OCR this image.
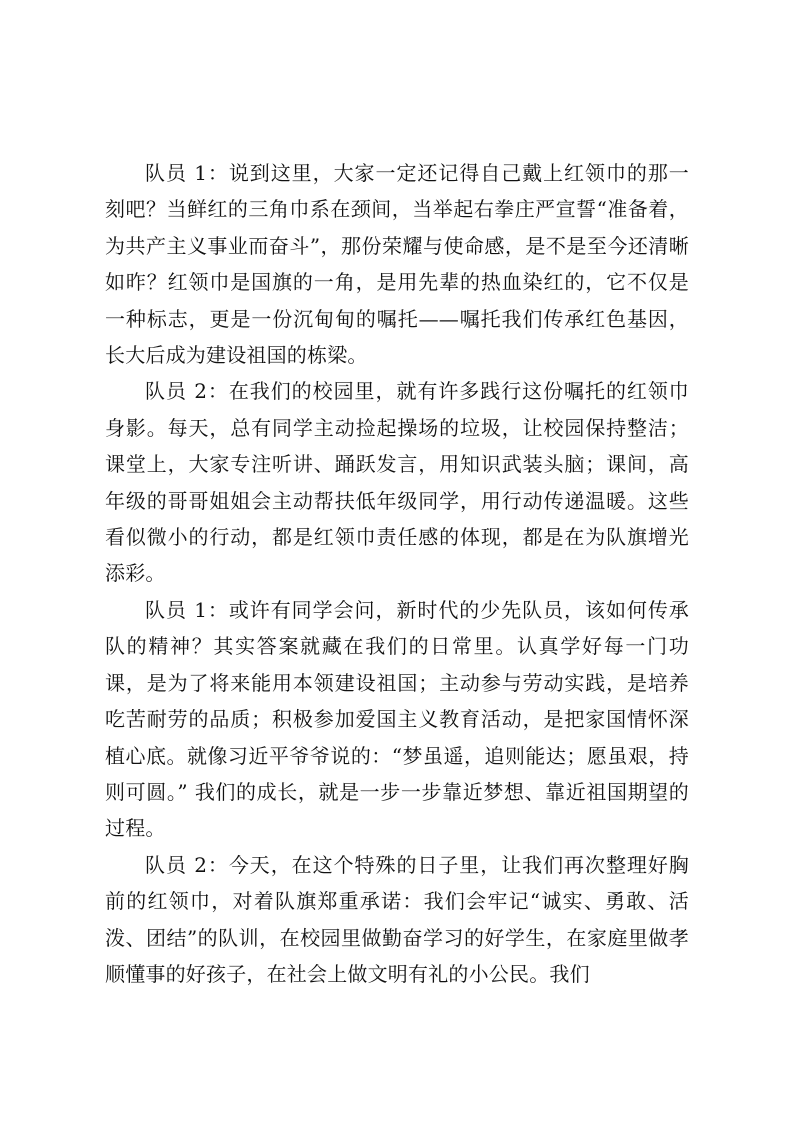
队员 1：说到这里，大家一定还记得自己戴上红领巾的那一刻吧？当鲜红的三角巾系在颈间，当举起右拳庄严宣誓“准备着，为共产主义事业而奋斗”，那份荣耀与使命感，是不是至今还清晰如昨？红领巾是国旗的一角，是用先辈的热血染红的，它不仅是一种标志，更是一份沉甸甸的嘱托——嘱托我们传承红色基因，长大后成为建设祖国的栋梁。

队员 2：在我们的校园里，就有许多践行这份嘱托的红领巾身影。每天，总有同学主动捡起操场的垃圾，让校园保持整洁；课堂上，大家专注听讲、踊跃发言，用知识武装头脑；课间，高年级的哥哥姐姐会主动帮扶低年级同学，用行动传递温暖。这些看似微小的行动，都是红领巾责任感的体现，都是在为队旗增光添彩。

队员 1：或许有同学会问，新时代的少先队员，该如何传承队的精神？其实答案就藏在我们的日常里。认真学好每一门功课，是为了将来能用本领建设祖国；主动参与劳动实践，是培养吃苦耐劳的品质；积极参加爱国主义教育活动，是把家国情怀深植心底。就像习近平爷爷说的：“梦虽遥，追则能达；愿虽艰，持则可圆。” 我们的成长，就是一步一步靠近梦想、靠近祖国期望的过程。

队员 2：今天，在这个特殊的日子里，让我们再次整理好胸前的红领巾，对着队旗郑重承诺：我们会牢记“诚实、勇敢、活泼、团结”的队训，在校园里做勤奋学习的好学生，在家庭里做孝顺懂事的好孩子，在社会上做文明有礼的小公民。我们
